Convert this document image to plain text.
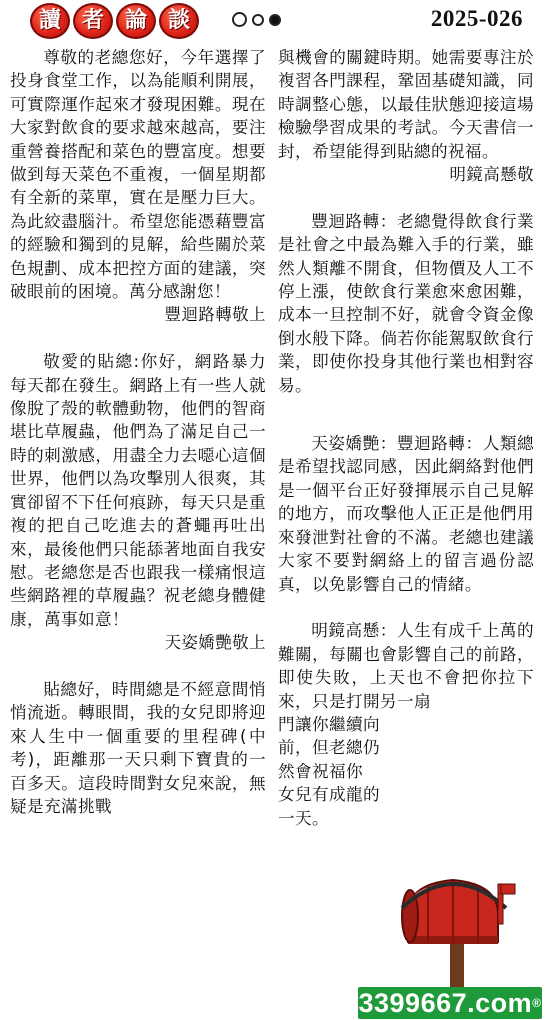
讀 者 論 談	2025-026

尊敬的老總您好，今年選擇了投身食堂工作，以為能順利開展，可實際運作起來才發現困難。現在大家對飲食的要求越來越高，要注重營養搭配和菜色的豐富度。想要做到每天菜色不重複，一個星期都有全新的菜單，實在是壓力巨大。為此絞盡腦汁。希望您能憑藉豐富的經驗和獨到的見解，給些關於菜色規劃、成本把控方面的建議，突破眼前的困境。萬分感謝您！

豐迴路轉敬上

敬愛的貼總:你好，網路暴力每天都在發生。網路上有一些人就像脫了殼的軟體動物，他們的智商堪比草履蟲，他們為了滿足自己一時的刺激感，用盡全力去噁心這個世界，他們以為攻擊別人很爽，其實卻留不下任何痕跡，每天只是重複的把自己吃進去的蒼蠅再吐出來，最後他們只能舔著地面自我安慰。老總您是否也跟我一樣痛恨這些網路裡的草履蟲？祝老總身體健康，萬事如意！

天姿嬌艷敬上

貼總好，時間總是不經意間悄悄流逝。轉眼間，我的女兒即將迎來人生中一個重要的里程碑(中考)，距離那一天只剩下寶貴的一百多天。這段時間對女兒來說，無疑是充滿挑戰

與機會的關鍵時期。她需要專注於複習各門課程，鞏固基礎知識，同時調整心態，以最佳狀態迎接這場檢驗學習成果的考試。今天書信一封，希望能得到貼總的祝福。

明鏡高懸敬

豐迴路轉：老總覺得飲食行業是社會之中最為難入手的行業，雖然人類離不開食，但物價及人工不停上漲，使飲食行業愈來愈困難，成本一旦控制不好，就會令資金像倒水般下降。倘若你能駕馭飲食行業，即使你投身其他行業也相對容易。

天姿嬌艷：豐迴路轉：人類總是希望找認同感，因此網絡對他們是一個平台正好發揮展示自己見解的地方，而攻擊他人正正是他們用來發泄對社會的不滿。老總也建議大家不要對網絡上的留言過份認真，以免影響自己的情緒。

明鏡高懸：人生有成千上萬的難關，每關也會影響自己的前路，即使失敗，上天也不會把你拉下來，只是打開另一扇

門讓你繼續向
前，但老總仍
然會祝福你
女兒有成龍的
一天。
3399667.com®
